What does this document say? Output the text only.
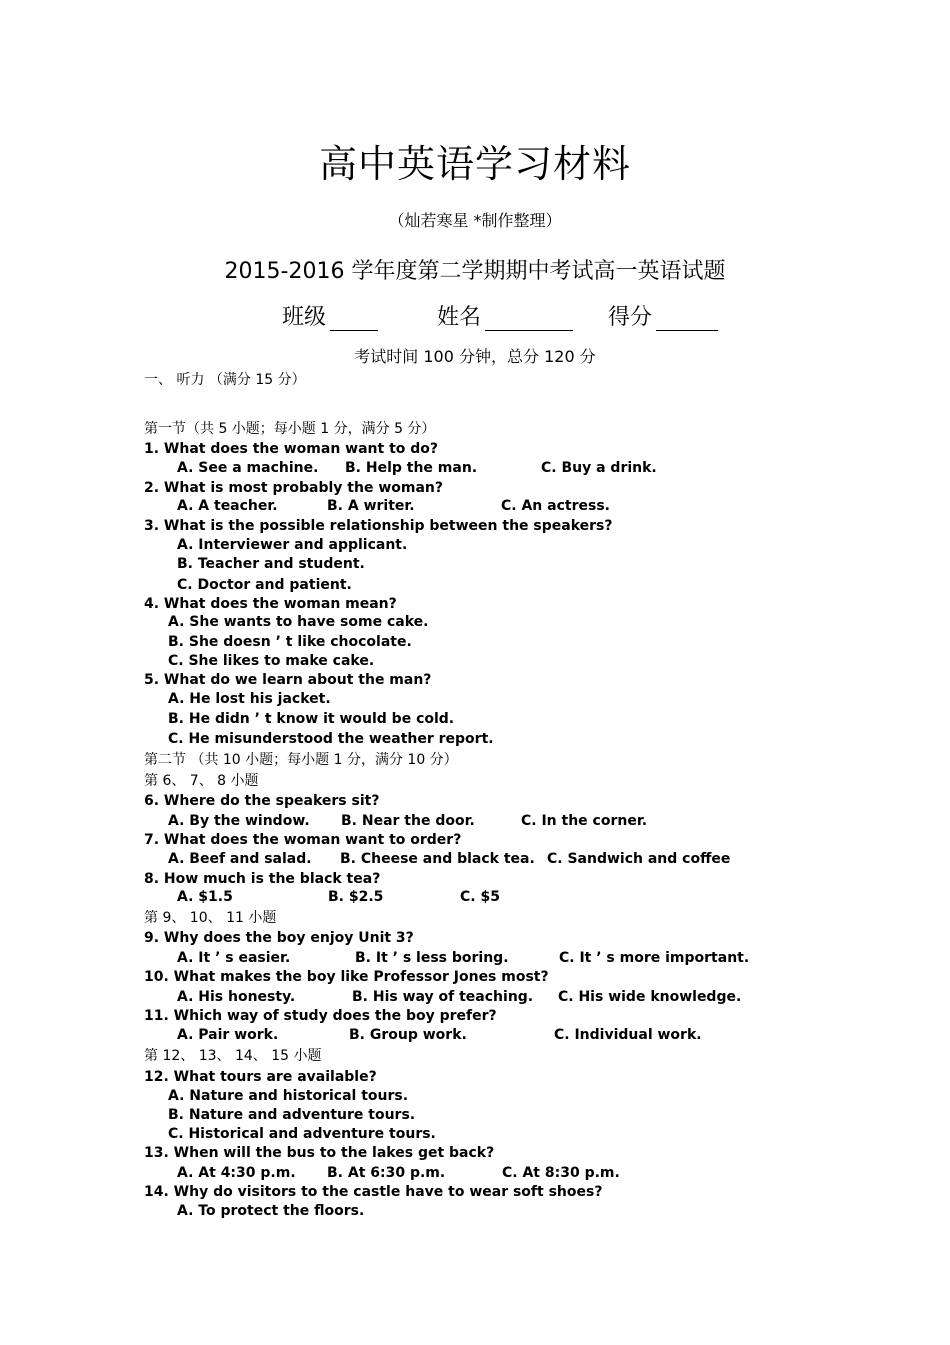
高中英语学习材料
（灿若寒星 *制作整理）
2015-2016 学年度第二学期期中考试高一英语试题
班级	姓名	得分
考试时间 100 分钟，总分 120 分
一、 听力 （满分 15 分）
第一节（共 5 小题；每小题 1 分，满分 5 分）
1. What does the woman want to do?
A. See a machine. B. Help the man.	C. Buy a drink.
2. What is most probably the woman?
A. A teacher.	B. A writer.	C. An actress.
3. What is the possible relationship between the speakers?
A. Interviewer and applicant.
B. Teacher and student.
C. Doctor and patient.
4. What does the woman mean?
A. She wants to have some cake.
B. She doesn ’ t like chocolate.
C. She likes to make cake.
5. What do we learn about the man?
A. He lost his jacket.
B. He didn ’ t know it would be cold.
C. He misunderstood the weather report.
第二节 （共 10 小题；每小题 1 分，满分 10 分）
第 6、 7、 8 小题
6. Where do the speakers sit?
A. By the window. B. Near the door.	C. In the corner.
7. What does the woman want to order?
A. Beef and salad. B. Cheese and black tea. C. Sandwich and coffee
8. How much is the black tea?
A. $1.5	B. $2.5	C. $5
第 9、 10、 11 小题
9. Why does the boy enjoy Unit 3?
A. It ’ s easier.	B. It ’ s less boring.	C. It ’ s more important.
10. What makes the boy like Professor Jones most?
A. His honesty.	B. His way of teaching. C. His wide knowledge.
11. Which way of study does the boy prefer?
A. Pair work.	B. Group work.	C. Individual work.
第 12、 13、 14、 15 小题
12. What tours are available?
A. Nature and historical tours.
B. Nature and adventure tours.
C. Historical and adventure tours.
13. When will the bus to the lakes get back?
A. At 4:30 p.m. B. At 6:30 p.m.	C. At 8:30 p.m.
14. Why do visitors to the castle have to wear soft shoes?
A. To protect the floors.
